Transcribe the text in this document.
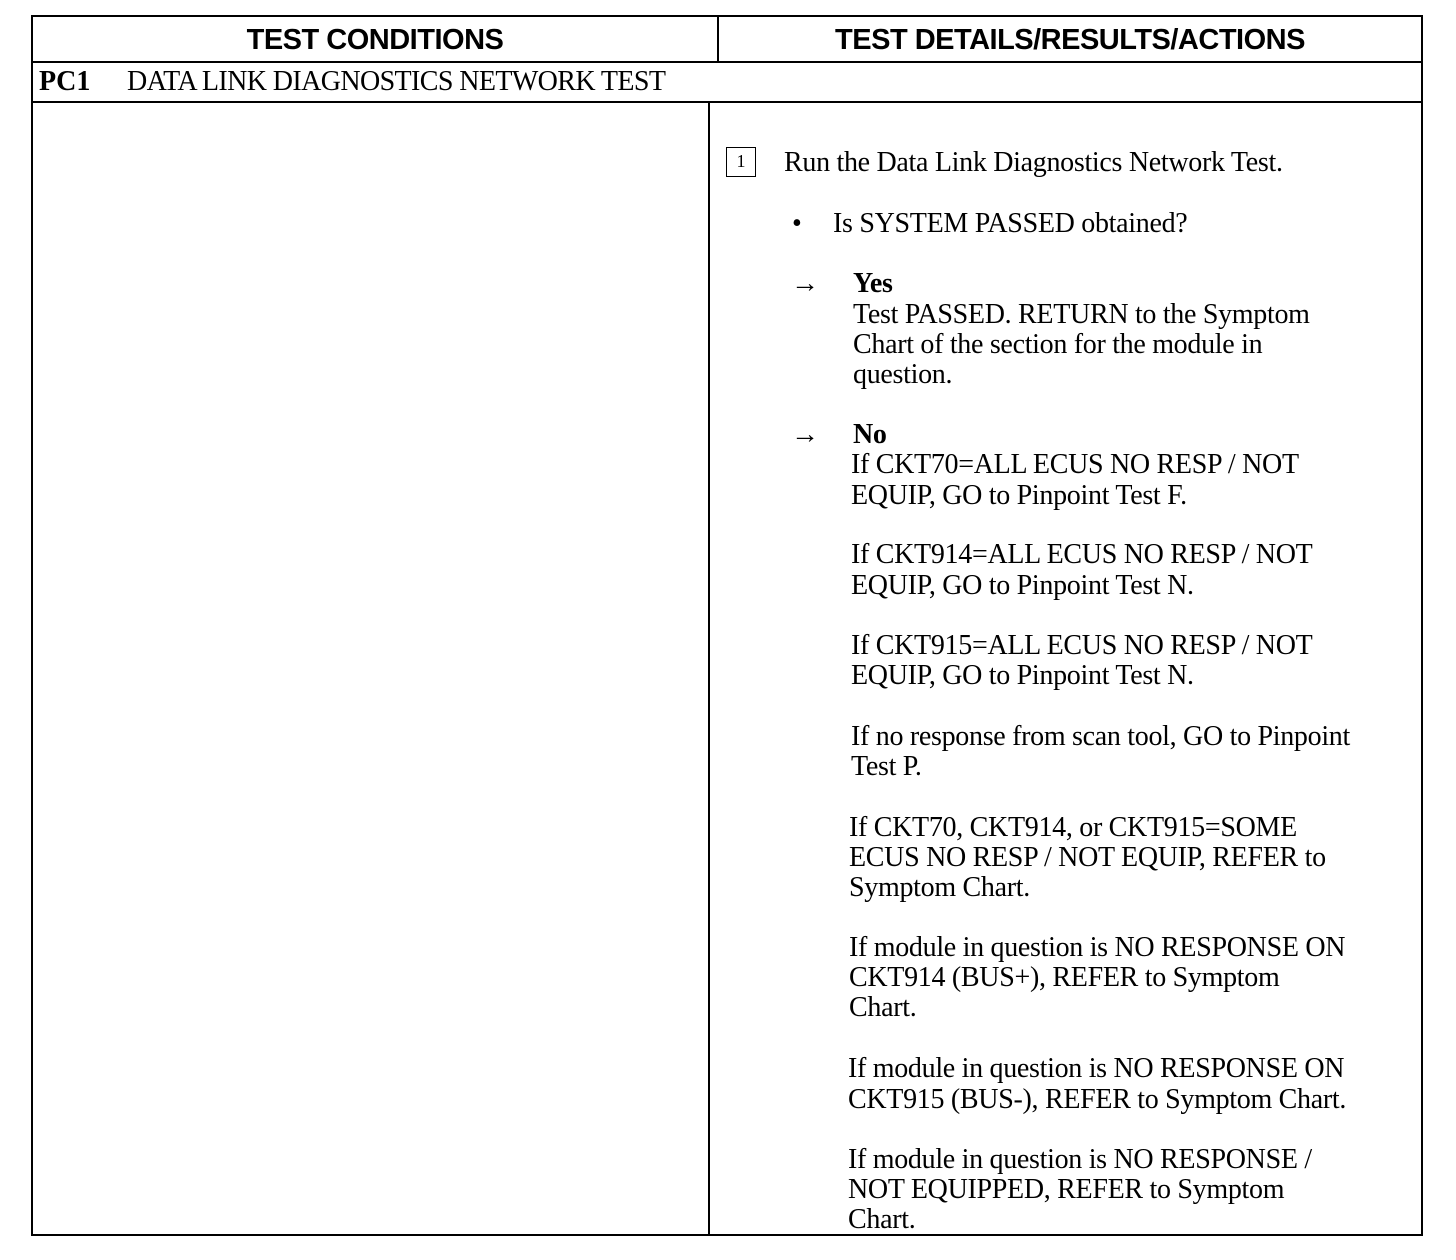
TEST CONDITIONS	TEST DETAILS/RESULTS/ACTIONS
PC1 DATA LINK DIAGNOSTICS NETWORK TEST
1	Run the Data Link Diagnostics Network Test.
• Is SYSTEM PASSED obtained?
→ Yes
Test PASSED. RETURN to the Symptom
Chart of the section for the module in
question.
→ No
If CKT70=ALL ECUS NO RESP / NOT
EQUIP, GO to Pinpoint Test F.
If CKT914=ALL ECUS NO RESP / NOT
EQUIP, GO to Pinpoint Test N.
If CKT915=ALL ECUS NO RESP / NOT
EQUIP, GO to Pinpoint Test N.
If no response from scan tool, GO to Pinpoint
Test P.
If CKT70, CKT914, or CKT915=SOME
ECUS NO RESP / NOT EQUIP, REFER to
Symptom Chart.
If module in question is NO RESPONSE ON
CKT914 (BUS+), REFER to Symptom
Chart.
If module in question is NO RESPONSE ON
CKT915 (BUS-), REFER to Symptom Chart.
If module in question is NO RESPONSE /
NOT EQUIPPED, REFER to Symptom
Chart.
